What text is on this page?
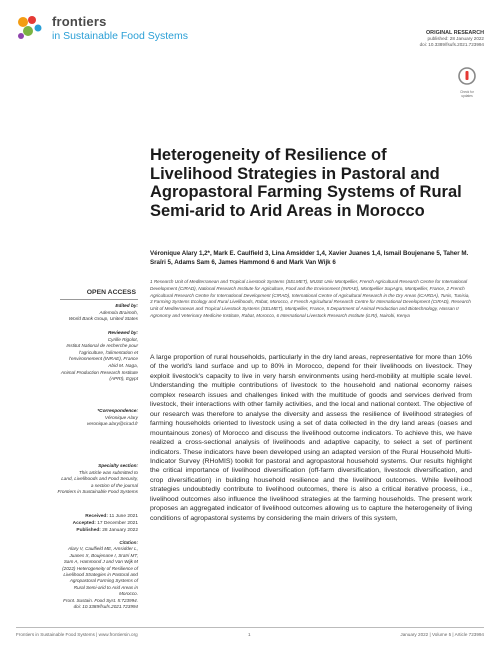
frontiers
in Sustainable Food Systems	ORIGINAL RESEARCH
published: 28 January 2022
doi: 10.3389/fsufs.2021.723994
Check for updates
Heterogeneity of Resilience of Livelihood Strategies in Pastoral and Agropastoral Farming Systems of Rural Semi-arid to Arid Areas in Morocco
Véronique Alary 1,2*, Mark E. Caulfield 3, Lina Amsidder 1,4, Xavier Juanes 1,4, Ismail Boujenane 5, Taher M. Sraïri 5, Adams Sam 6, James Hammond 6 and Mark Van Wijk 6
1 Research Unit of Mediterranean and Tropical Livestock Systems (SELMET), MUSE Univ Montpellier, French Agricultural Research Centre for International Development (CIRAD), National Research Institute for Agriculture, Food and the Environment (INRAE), Montpellier SupAgro, Montpellier, France, 2 French Agricultural Research Centre for International Development (CIRAD), International Centre of Agricultural Research in the Dry Areas (ICARDA), Tunis, Tunisia, 3 Farming Systems Ecology and Rural Livelihoods, Rabat, Morocco, 4 French Agricultural Research Centre for International Development (CIRAD), Research Unit of Mediterranean and Tropical Livestock Systems (SELMET), Montpellier, France, 5 Department of Animal Production and Biotechnology, Hassan II Agronomy and Veterinary Medicine Institute, Rabat, Morocco, 6 International Livestock Research Institute (ILRI), Nairobi, Kenya
OPEN ACCESS
Edited by:
Ademola Braimoh,
World Bank Group, United States
Reviewed by:
Cyrille Rigolot,
Institut National de recherche pour
l'agriculture, l'alimentation et
l'environnement (INRAE), France
Abid M. Naga,
Animal Production Research Institute
(APRI), Egypt
*Correspondence:
Véronique Alary
veronique.alary@cirad.fr
Specialty section:
This article was submitted to
Land, Livelihoods and Food Security,
a section of the journal
Frontiers in Sustainable Food Systems
Received: 11 June 2021
Accepted: 17 December 2021
Published: 28 January 2022
Citation:
Alary V, Caulfield ME, Amsidder L,
Juanes X, Boujenane I, Sraïri MT,
Sam A, Hammond J and Van Wijk M
(2022) Heterogeneity of Resilience of
Livelihood Strategies in Pastoral and
Agropastoral Farming Systems of
Rural Semi-arid to Arid Areas in
Morocco.
Front. Sustain. Food Syst. 5:723994.
doi: 10.3389/fsufs.2021.723994
A large proportion of rural households, particularly in the dry land areas, representative for more than 10% of the world's land surface and up to 80% in Morocco, depend for their livelihoods on livestock. They exploit livestock's capacity to live in very harsh environments using herd-mobility at multiple scale level. Understanding the multiple contributions of livestock to the household and national economy raises complex research issues and challenges linked with the multitude of goods and services derived from livestock, their interactions with other family activities, and the local and national context. The objective of our research was therefore to analyse the diversity and assess the resilience of livelihood strategies of farming households oriented to livestock using a set of data collected in the dry land areas (oases and mountainous zones) of Morocco and discuss the livelihood outcome indicators. To achieve this, we have realized a cross-sectional analysis of livelihoods and adaptive capacity, to select a set of pertinent indicators. These indicators have been developed using an adapted version of the Rural Household Multi-Indicator Survey (RHoMIS) toolkit for pastoral and agropastoral household systems. Our results highlight the critical importance of livelihood diversification (off-farm diversification, livestock diversification, and crop diversification) in building household resilience and the livelihood outcomes. While livelihood strategies undoubtedly contribute to livelihood outcomes, there is also a critical iterative process, i.e., livelihood outcomes also influence the livelihood strategies at the farming households. The present work proposes an aggregated indicator of livelihood outcomes allowing us to capture the heterogeneity of living conditions of agropastoral systems by considering the main drivers of this system,
Frontiers in Sustainable Food Systems | www.frontiersin.org	1	January 2022 | Volume 5 | Article 723994
